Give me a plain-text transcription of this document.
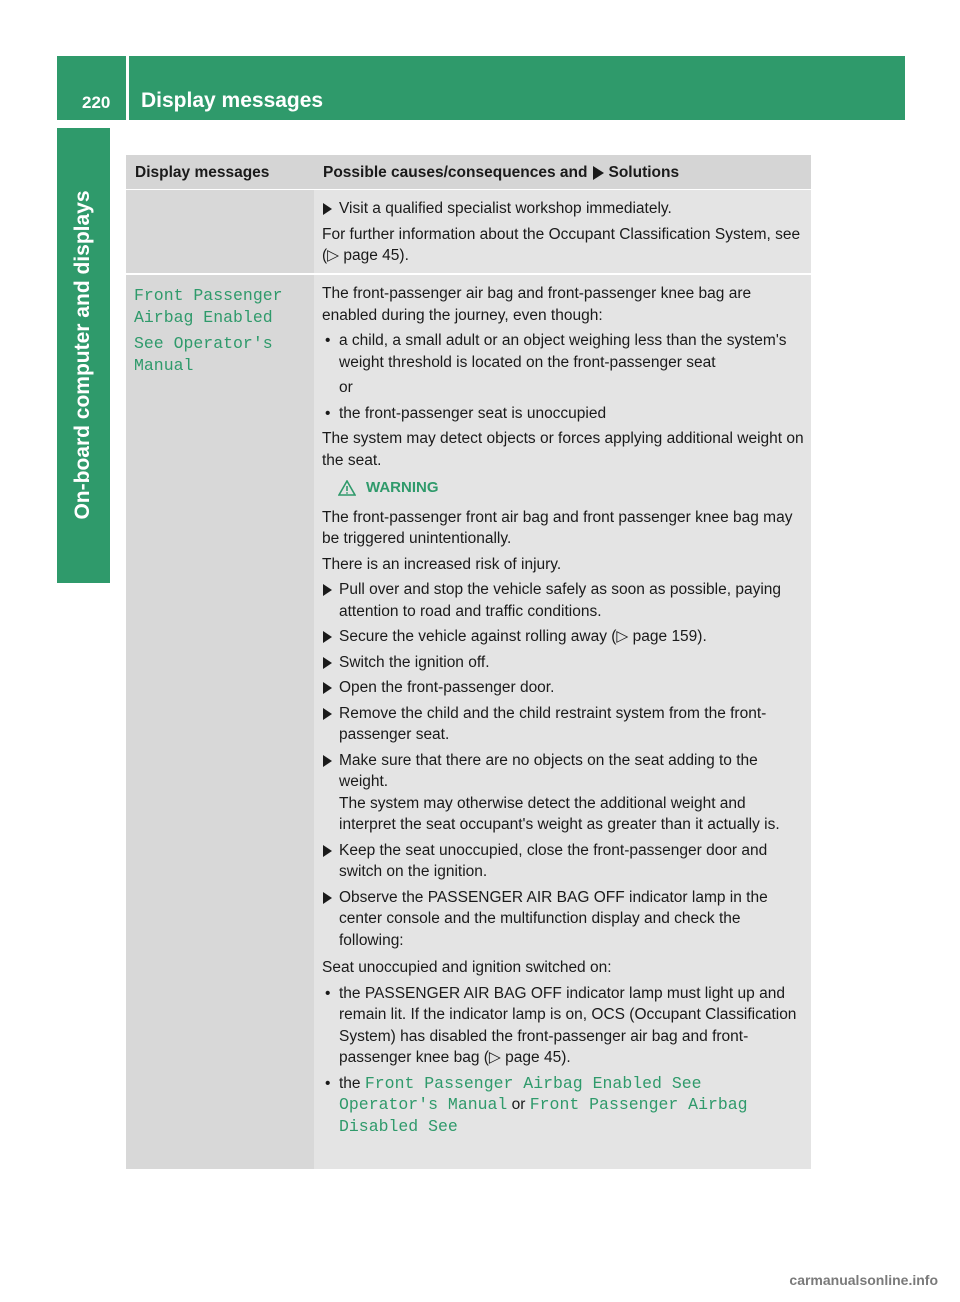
220 Display messages
On-board computer and displays
Display messages	Possible causes/consequences and Solutions
Visit a qualified specialist workshop immediately.

For further information about the Occupant Classification System, see (▷ page 45).

Front Passenger
Airbag Enabled
See Operator's
Manual

The front-passenger air bag and front-passenger knee bag are enabled during the journey, even though:

• a child, a small adult or an object weighing less than the system's weight threshold is located on the front-passenger seat

or

• the front-passenger seat is unoccupied

The system may detect objects or forces applying additional weight on the seat.

WARNING

The front-passenger front air bag and front passenger knee bag may be triggered unintentionally.

There is an increased risk of injury.

Pull over and stop the vehicle safely as soon as possible, paying attention to road and traffic conditions.
Secure the vehicle against rolling away (▷ page 159).
Switch the ignition off.
Open the front-passenger door.
Remove the child and the child restraint system from the front-passenger seat.
Make sure that there are no objects on the seat adding to the weight.
The system may otherwise detect the additional weight and interpret the seat occupant's weight as greater than it actually is.
Keep the seat unoccupied, close the front-passenger door and switch on the ignition.
Observe the PASSENGER AIR BAG OFF indicator lamp in the center console and the multifunction display and check the following:

Seat unoccupied and ignition switched on:

• the PASSENGER AIR BAG OFF indicator lamp must light up and remain lit. If the indicator lamp is on, OCS (Occupant Classification System) has disabled the front-passenger air bag and front-passenger knee bag (▷ page 45).
• the Front Passenger Airbag Enabled See Operator's Manual or Front Passenger Airbag Disabled See
carmanualsonline.info
